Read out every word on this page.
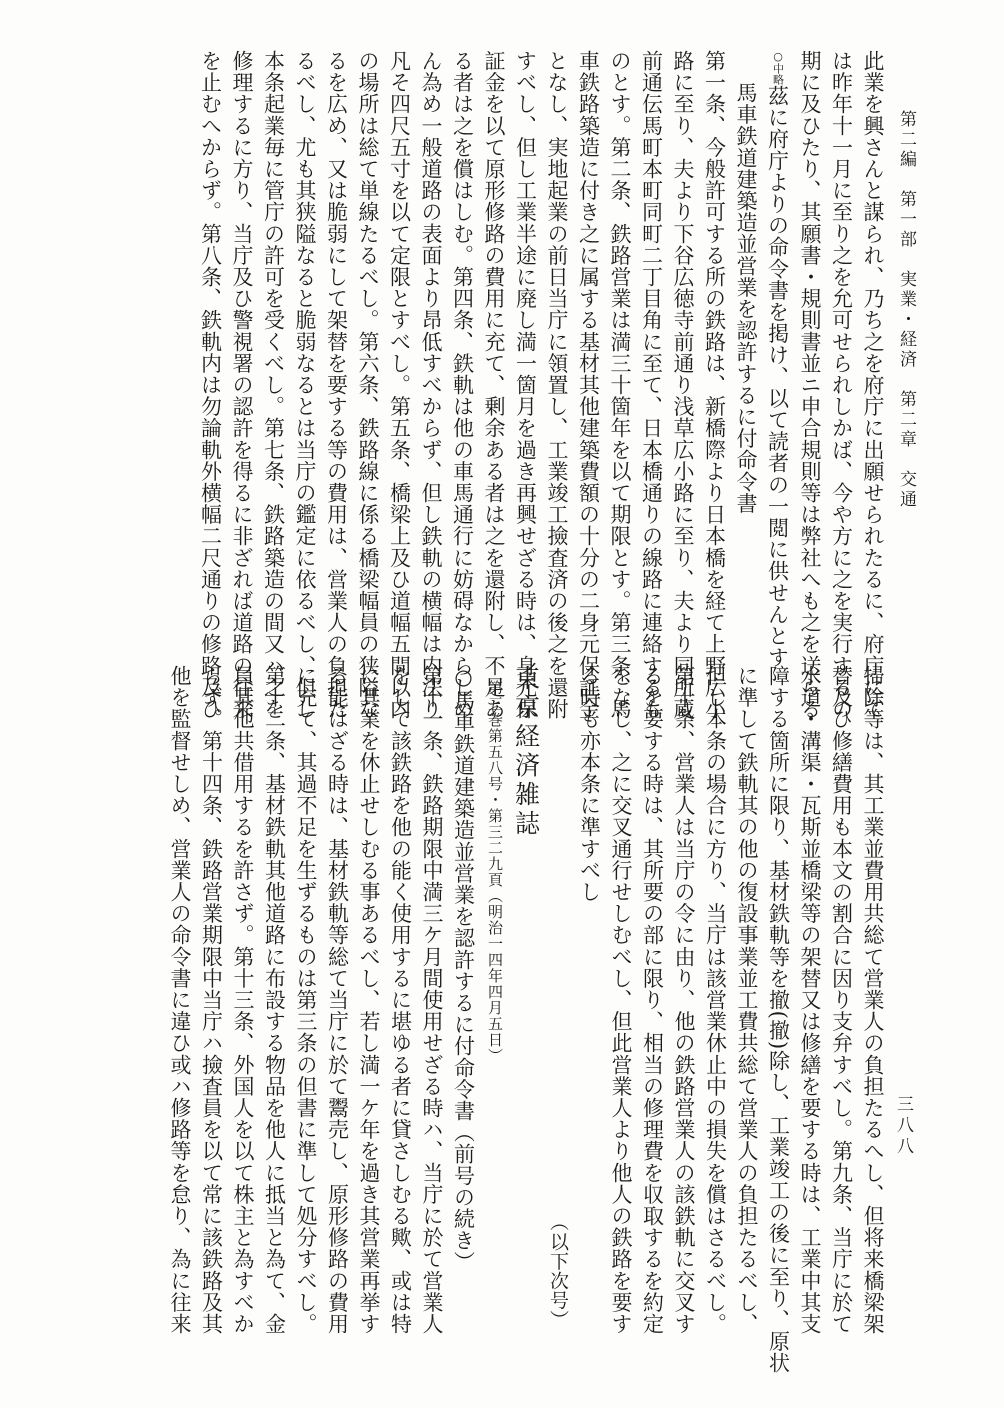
第二編　第一部　実業・経済　第二章　交通
三八八
此業を興さんと謀られ、乃ち之を府庁に出願せられたるに、府庁にて
は昨年十一月に至り之を允可せられしかば、今や方に之を実行するの
期に及ひたり、其願書・規則書並ニ申合規則等は弊社へも之を送らる
○中略茲に府庁よりの命令書を掲け、以て読者の一閲に供せんとす
馬車鉄道建築造並営業を認許するに付命令書
第一条、今般許可する所の鉄路は、新橋際より日本橋を経て上野広小
路に至り、夫より下谷広徳寺前通り浅草広小路に至り、夫より同所蔵
前通伝馬町本町同町二丁目角に至て、日本橋通りの線路に連絡するも
のとす。第二条、鉄路営業は満三十箇年を以て期限とす。第三条、馬
車鉄路築造に付き之に属する基材其他建築費額の十分の二身元保証金
となし、実地起業の前日当庁に領置し、工業竣工撿査済の後之を還附
すべし、但し工業半途に廃し満一箇月を過き再興せざる時は、身元保
証金を以て原形修路の費用に充て、剰余ある者は之を還附し、不足あ
る者は之を償はしむ。第四条、鉄軌は他の車馬通行に妨碍なからしめ
ん為め一般道路の表面より昂低すべからず、但し鉄軌の横幅は内法り
凡そ四尺五寸を以て定限とすべし。第五条、橋梁上及ひ道幅五間以内
の場所は総て単線たるべし。第六条、鉄路線に係る橋梁幅員の狭隘な
るを広め、又は脆弱にして架替を要する等の費用は、営業人の負担た
るべし、尤も其狭隘なると脆弱なるとは当庁の鑑定に依るべし、但し
本条起業毎に管庁の許可を受くべし。第七条、鉄路築造の間又ハ之を
修理するに方り、当庁及ひ警視署の認許を得るに非ざれば道路の往来
を止むへからず。第八条、鉄軌内は勿論軌外横幅二尺通りの修路及ひ
掃除等は、其工業並費用共総て営業人の負担たるへし、但将来橋梁架
替及ひ修繕費用も本文の割合に因り支弁すべし。第九条、当庁に於て
水道・溝渠・瓦斯並橋梁等の架替又は修繕を要する時は、工業中其支
障する箇所に限り、基材鉄軌等を撤(撤)除し、工業竣工の後に至り、原状
に準して鉄軌其の他の復設事業並工費共総て営業人の負担たるべし、
但し本条の場合に方り、当庁は該営業休止中の損失を償はさるべし。
第十条、営業人は当庁の令に由り、他の鉄路営業人の該鉄軌に交叉す
るを要する時は、其所要の部に限り、相当の修理費を収取するを約定
をなし、之に交叉通行せしむべし、但此営業人より他人の鉄路を要す
る時も亦本条に準すべし
（以下次号）
東京経済雑誌
第三巻第五八号・第三二九頁（明治一四年四月五日）
○馬車鉄道建築造並営業を認許するに付命令書（前号の続き）
第十一条、鉄路期限中満三ケ月間使用せざる時ハ、当庁に於て営業人
をして該鉄路を他の能く使用するに堪ゆる者に貸さしむる歟、或は特
に其業を休止せしむる事あるべし、若し満一ケ年を過き其営業再挙す
る能はざる時は、基材鉄軌等総て当庁に於て鬻売し、原形修路の費用
に充て、其過不足を生ずるものは第三条の但書に準して処分すべし。
第十二条、基材鉄軌其他道路に布設する物品を他人に抵当と為て、金
員其他共借用するを許さず。第十三条、外国人を以て株主と為すべか
らず。第十四条、鉄路営業期限中当庁ハ撿査員を以て常に該鉄路及其
他を監督せしめ、営業人の命令書に違ひ或ハ修路等を怠り、為に往来
